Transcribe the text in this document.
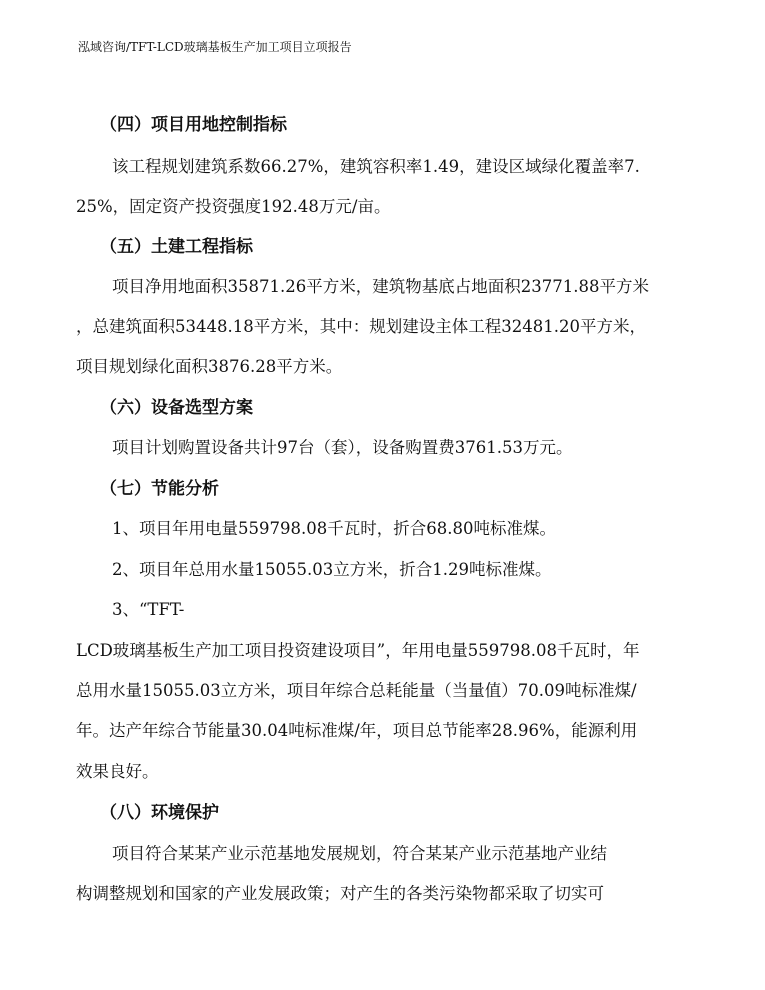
泓域咨询/TFT-LCD玻璃基板生产加工项目立项报告
（四）项目用地控制指标
该工程规划建筑系数66.27%，建筑容积率1.49，建设区域绿化覆盖率7.
25%，固定资产投资强度192.48万元/亩。
（五）土建工程指标
项目净用地面积35871.26平方米，建筑物基底占地面积23771.88平方米
，总建筑面积53448.18平方米，其中：规划建设主体工程32481.20平方米，
项目规划绿化面积3876.28平方米。
（六）设备选型方案
项目计划购置设备共计97台（套），设备购置费3761.53万元。
（七）节能分析
1、项目年用电量559798.08千瓦时，折合68.80吨标准煤。
2、项目年总用水量15055.03立方米，折合1.29吨标准煤。
3、“TFT-
LCD玻璃基板生产加工项目投资建设项目”，年用电量559798.08千瓦时，年
总用水量15055.03立方米，项目年综合总耗能量（当量值）70.09吨标准煤/
年。达产年综合节能量30.04吨标准煤/年，项目总节能率28.96%，能源利用
效果良好。
（八）环境保护
项目符合某某产业示范基地发展规划，符合某某产业示范基地产业结
构调整规划和国家的产业发展政策；对产生的各类污染物都采取了切实可
